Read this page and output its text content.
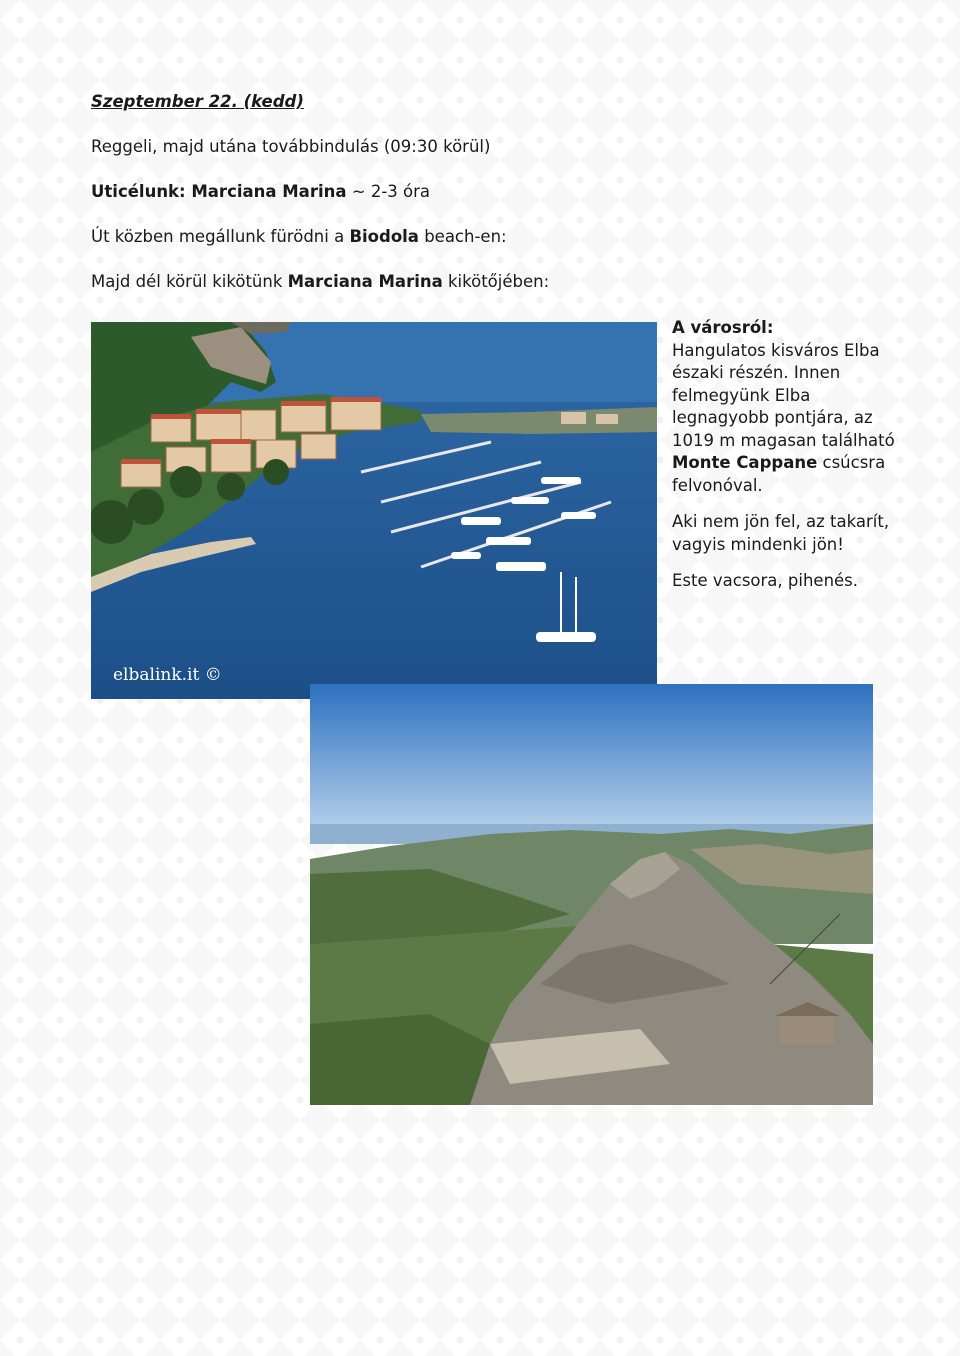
Szeptember 22. (kedd)
Reggeli, majd utána továbbindulás (09:30 körül)
Uticélunk: Marciana Marina ~ 2-3 óra
Út közben megállunk fürödni a Biodola beach-en:
Majd dél körül kikötünk Marciana Marina kikötőjében:
elbalink.it ©

A városról:
Hangulatos kisváros Elba északi részén. Innen felmegyünk Elba legnagyobb pontjára, az 1019 m magasan található Monte Cappane csúcsra felvonóval.

Aki nem jön fel, az takarít, vagyis mindenki jön!

Este vacsora, pihenés.
